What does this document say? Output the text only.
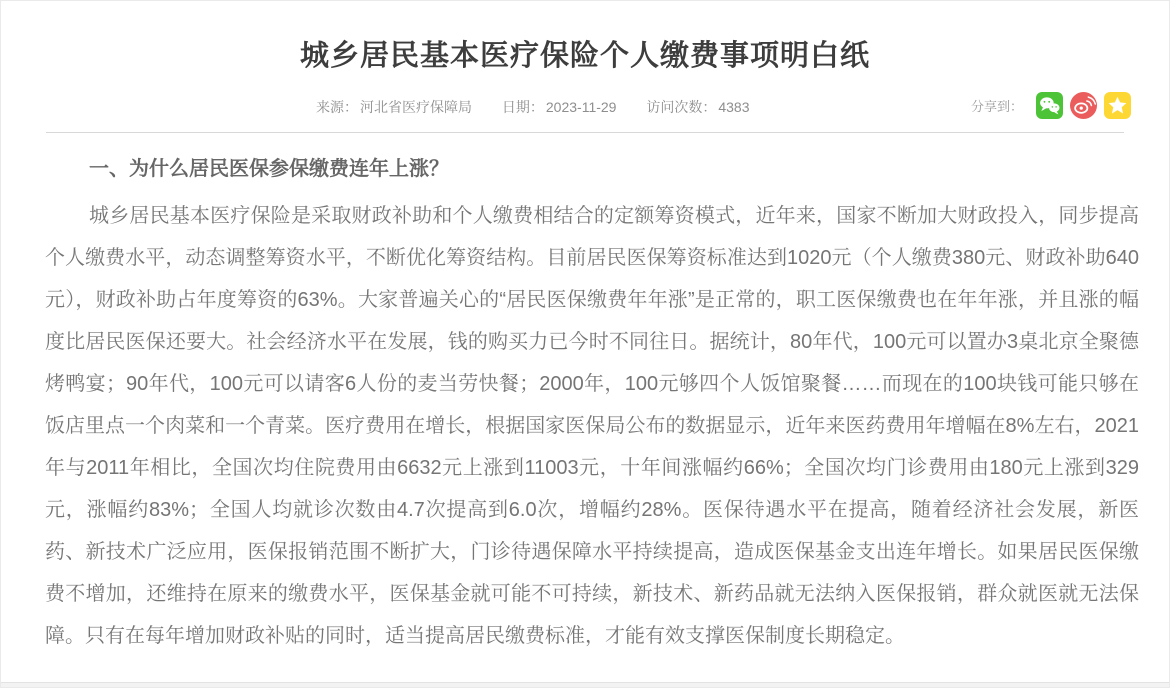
城乡居民基本医疗保险个人缴费事项明白纸
来源： 河北省医疗保障局 日期： 2023-11-29 访问次数： 4383	分享到：
一、为什么居民医保参保缴费连年上涨？

城乡居民基本医疗保险是采取财政补助和个人缴费相结合的定额筹资模式，近年来，国家不断加大财政投入，同步提高个人缴费水平，动态调整筹资水平，不断优化筹资结构。目前居民医保筹资标准达到1020元（个人缴费380元、财政补助640元），财政补助占年度筹资的63%。大家普遍关心的“居民医保缴费年年涨”是正常的，职工医保缴费也在年年涨，并且涨的幅度比居民医保还要大。社会经济水平在发展，钱的购买力已今时不同往日。据统计，80年代，100元可以置办3桌北京全聚德烤鸭宴；90年代，100元可以请客6人份的麦当劳快餐；2000年，100元够四个人饭馆聚餐……而现在的100块钱可能只够在饭店里点一个肉菜和一个青菜。医疗费用在增长，根据国家医保局公布的数据显示，近年来医药费用年增幅在8%左右，2021年与2011年相比，全国次均住院费用由6632元上涨到11003元，十年间涨幅约66%；全国次均门诊费用由180元上涨到329元，涨幅约83%；全国人均就诊次数由4.7次提高到6.0次，增幅约28%。医保待遇水平在提高，随着经济社会发展，新医药、新技术广泛应用，医保报销范围不断扩大，门诊待遇保障水平持续提高，造成医保基金支出连年增长。如果居民医保缴费不增加，还维持在原来的缴费水平，医保基金就可能不可持续，新技术、新药品就无法纳入医保报销，群众就医就无法保障。只有在每年增加财政补贴的同时，适当提高居民缴费标准，才能有效支撑医保制度长期稳定。
